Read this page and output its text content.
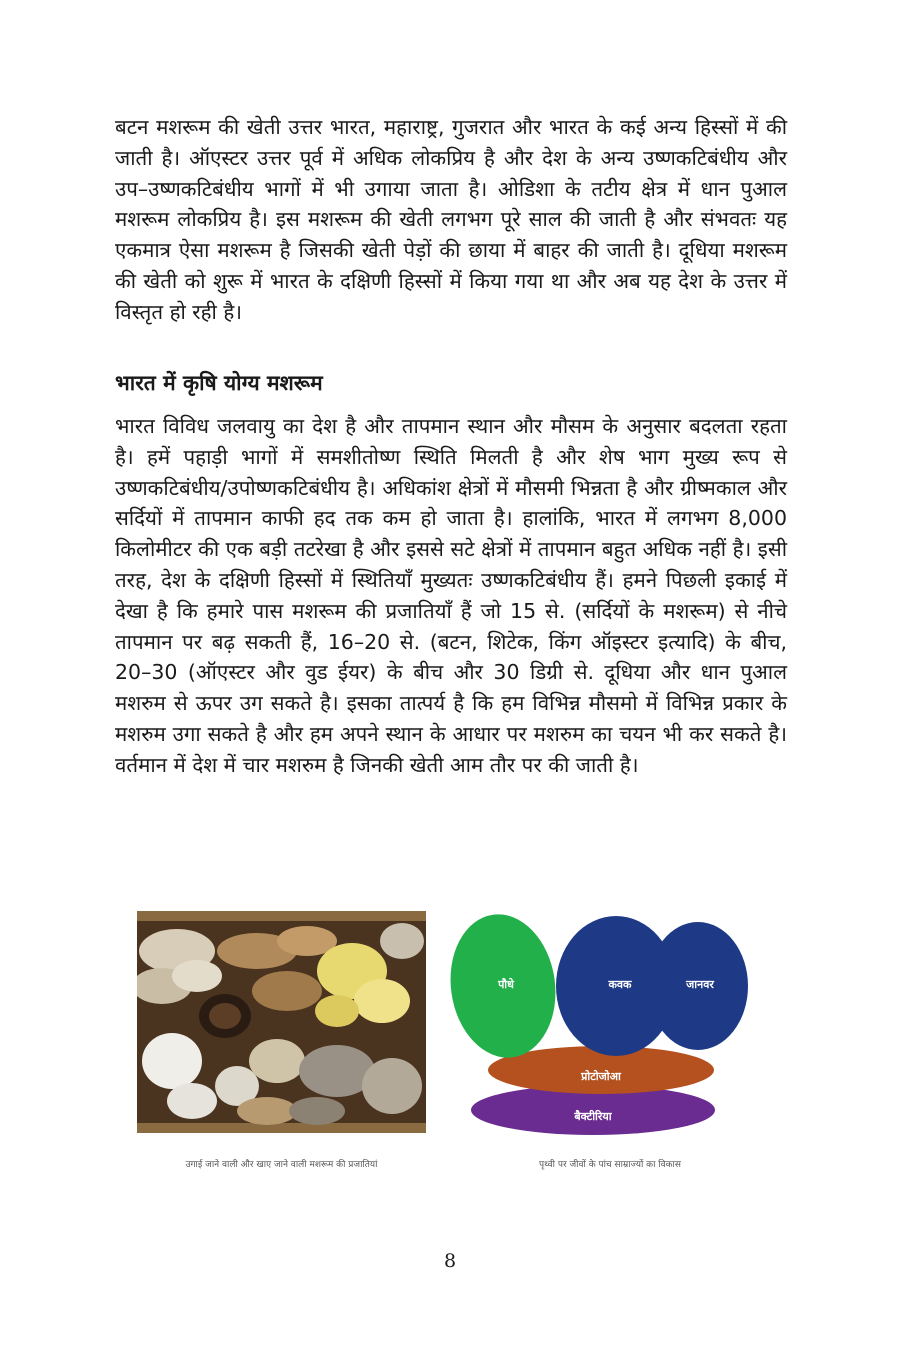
बटन मशरूम की खेती उत्तर भारत, महाराष्ट्र, गुजरात और भारत के कई अन्य हिस्सों में की जाती है। ऑएस्टर उत्तर पूर्व में अधिक लोकप्रिय है और देश के अन्य उष्णकटिबंधीय और उप–उष्णकटिबंधीय भागों में भी उगाया जाता है। ओडिशा के तटीय क्षेत्र में धान पुआल मशरूम लोकप्रिय है। इस मशरूम की खेती लगभग पूरे साल की जाती है और संभवतः यह एकमात्र ऐसा मशरूम है जिसकी खेती पेड़ों की छाया में बाहर की जाती है। दूधिया मशरूम की खेती को शुरू में भारत के दक्षिणी हिस्सों में किया गया था और अब यह देश के उत्तर में विस्तृत हो रही है।

भारत में कृषि योग्य मशरूम

भारत विविध जलवायु का देश है और तापमान स्थान और मौसम के अनुसार बदलता रहता है। हमें पहाड़ी भागों में समशीतोष्ण स्थिति मिलती है और शेष भाग मुख्य रूप से उष्णकटिबंधीय/उपोष्णकटिबंधीय है। अधिकांश क्षेत्रों में मौसमी भिन्नता है और ग्रीष्मकाल और सर्दियों में तापमान काफी हद तक कम हो जाता है। हालांकि, भारत में लगभग 8,000 किलोमीटर की एक बड़ी तटरेखा है और इससे सटे क्षेत्रों में तापमान बहुत अधिक नहीं है। इसी तरह, देश के दक्षिणी हिस्सों में स्थितियाँ मुख्यतः उष्णकटिबंधीय हैं। हमने पिछली इकाई में देखा है कि हमारे पास मशरूम की प्रजातियाँ हैं जो 15 से. (सर्दियों के मशरूम) से नीचे तापमान पर बढ़ सकती हैं, 16–20 से. (बटन, शिटेक, किंग ऑइस्टर इत्यादि) के बीच, 20–30 (ऑएस्टर और वुड ईयर) के बीच और 30 डिग्री से. दूधिया और धान पुआल मशरुम से ऊपर उग सकते है। इसका तात्पर्य है कि हम विभिन्न मौसमो में विभिन्न प्रकार के मशरुम उगा सकते है और हम अपने स्थान के आधार पर मशरुम का चयन भी कर सकते है। वर्तमान में देश में चार मशरुम है जिनकी खेती आम तौर पर की जाती है।

पौधे	कवक	जानवर
प्रोटोजोआ
बैक्टीरिया
उगाई जाने वाली और खाए जाने वाली मशरूम की प्रजातियां	पृथ्वी पर जीवों के पांच साम्राज्यों का विकास
8
